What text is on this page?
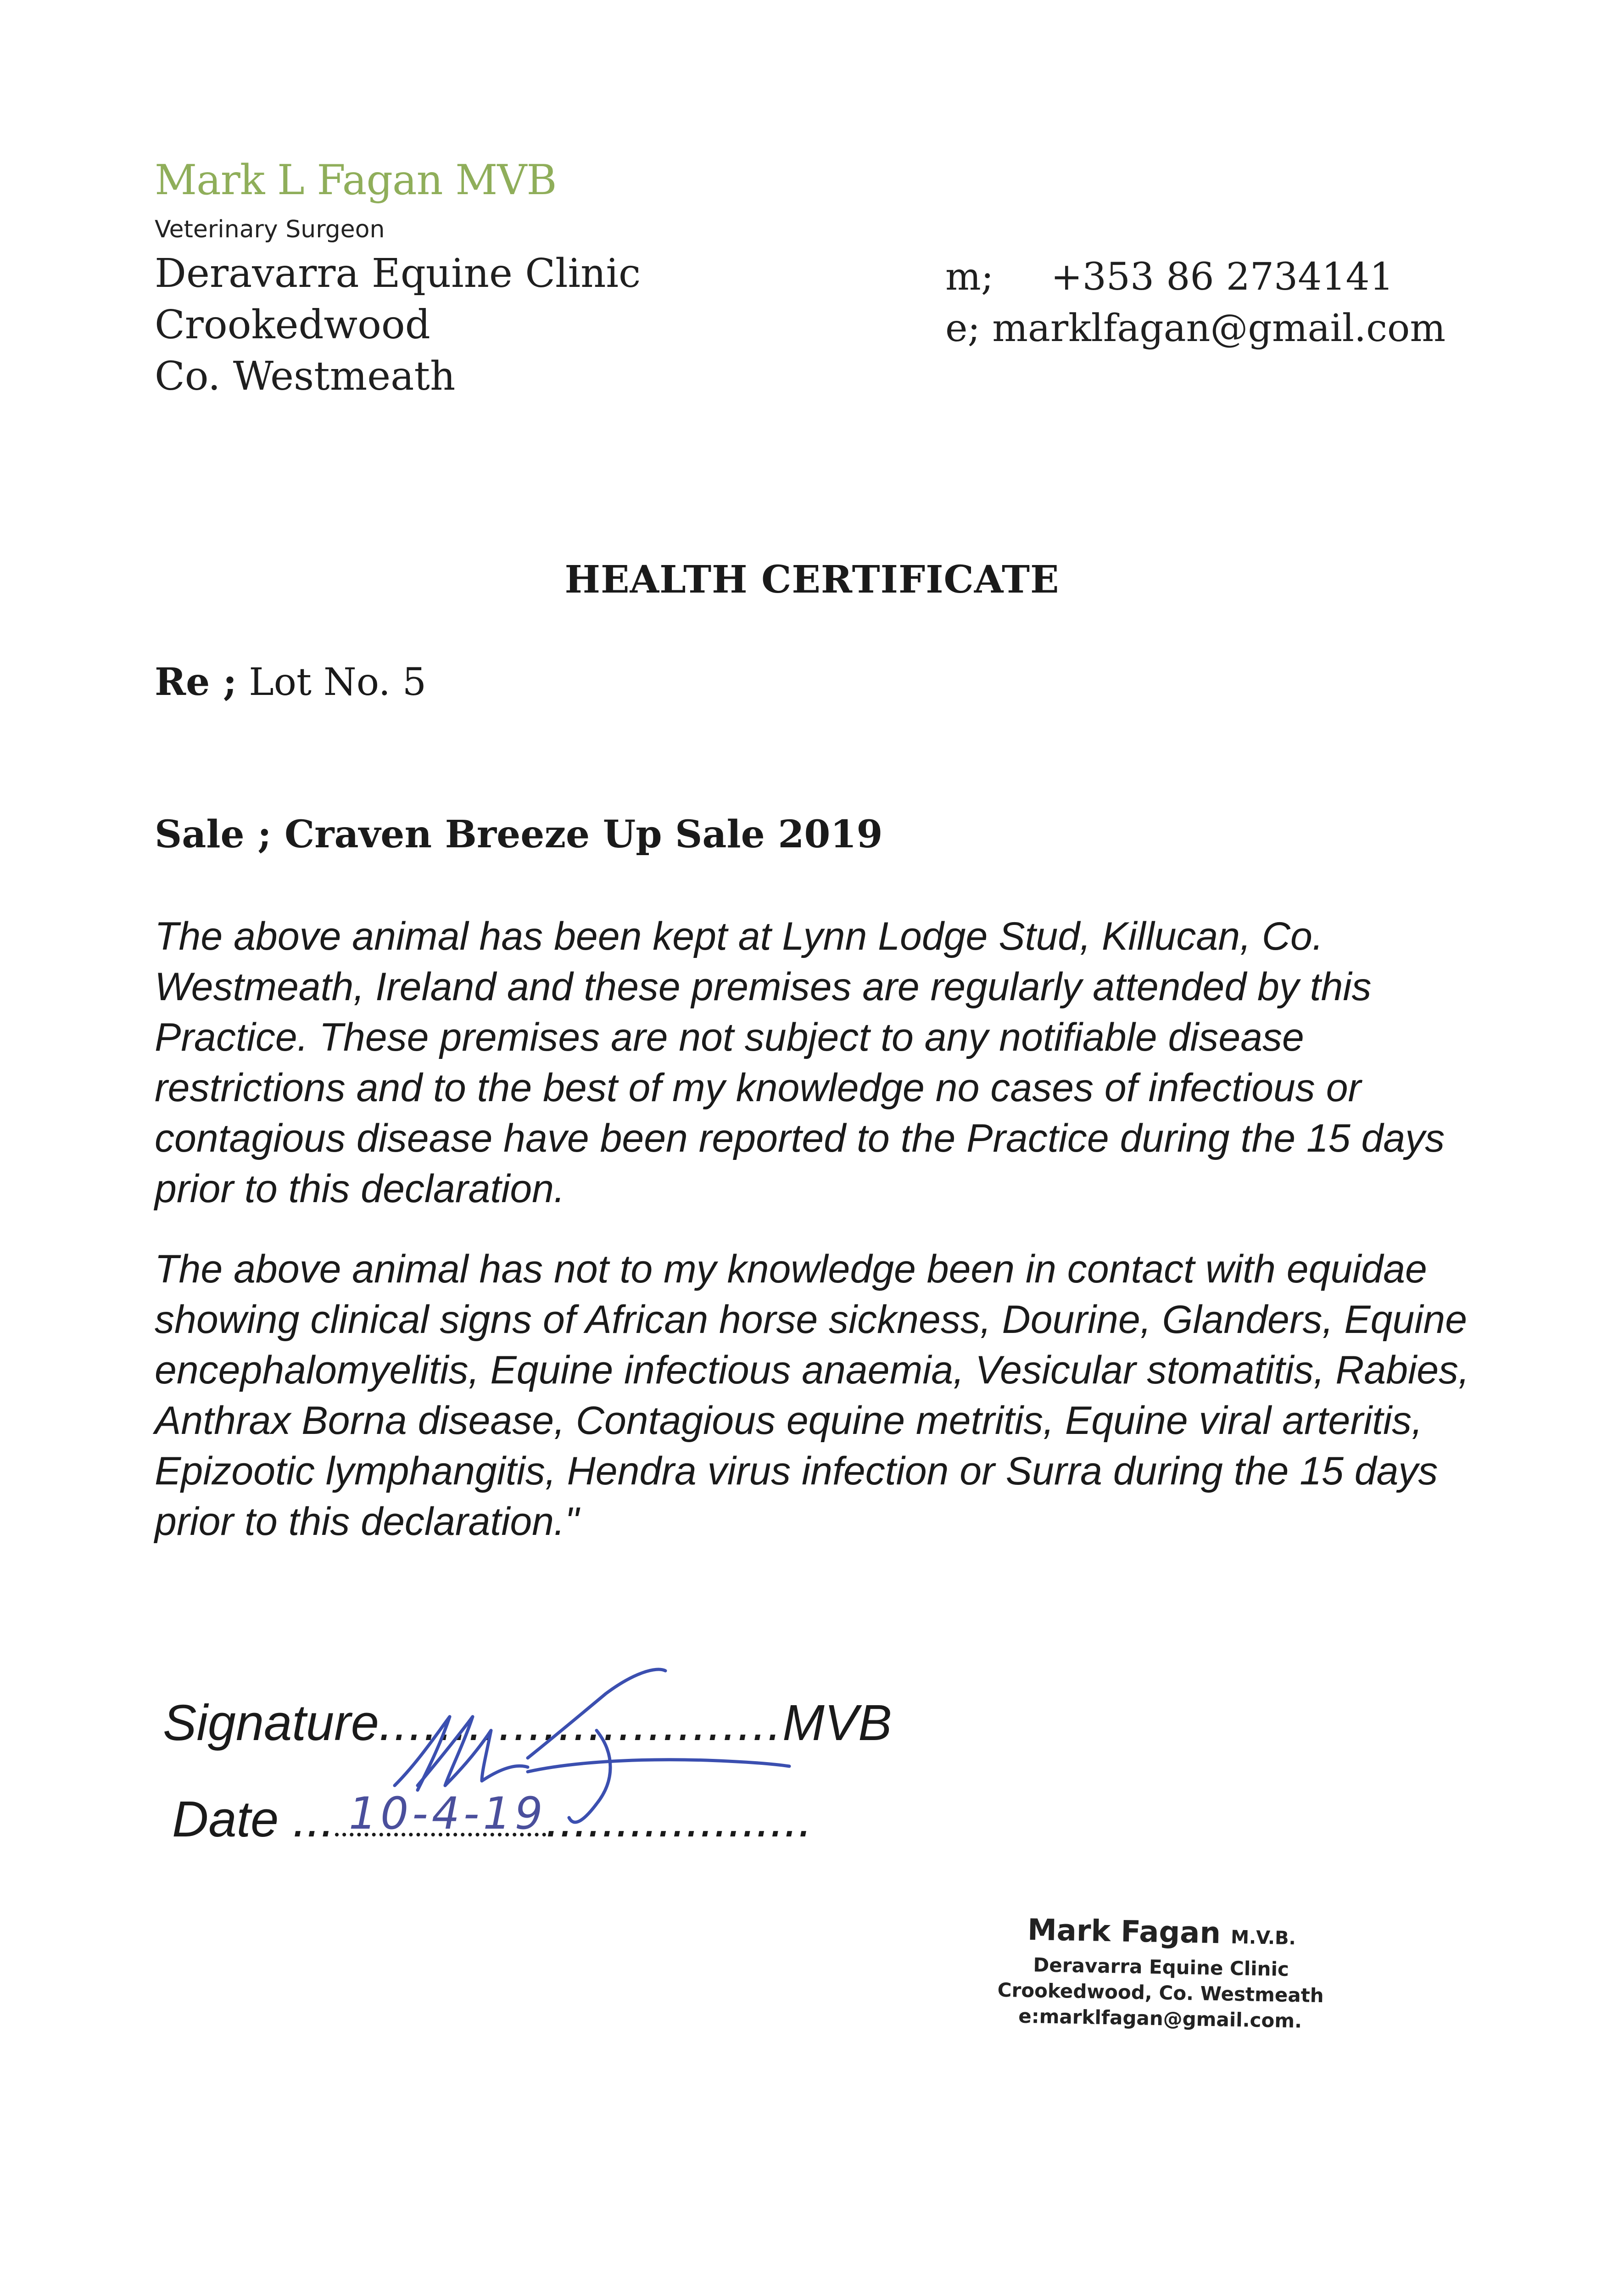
Mark L Fagan MVB
Veterinary Surgeon
Deravarra Equine Clinic
Crookedwood
Co. Westmeath
m;	+353 86 2734141
e;
marklfagan@gmail.com
HEALTH CERTIFICATE
Re ; Lot No. 5
Sale ; Craven Breeze Up Sale 2019
The above animal has been kept at Lynn Lodge Stud, Killucan, Co. Westmeath, Ireland and these premises are regularly attended by this Practice. These premises are not subject to any notifiable disease restrictions and to the best of my knowledge no cases of infectious or contagious disease have been reported to the Practice during the 15 days prior to this declaration.
The above animal has not to my knowledge been in contact with equidae showing clinical signs of African horse sickness, Dourine, Glanders, Equine encephalomyelitis, Equine infectious anaemia, Vesicular stomatitis, Rabies, Anthrax Borna disease, Contagious equine metritis, Equine viral arteritis, Epizootic lymphangitis, Hendra virus infection or Surra during the 15 days prior to this declaration."
Signature...........................MVB
Date ...	...................
10-4-19
Mark Fagan M.V.B.
Deravarra Equine Clinic
Crookedwood, Co. Westmeath
e:marklfagan@gmail.com.
